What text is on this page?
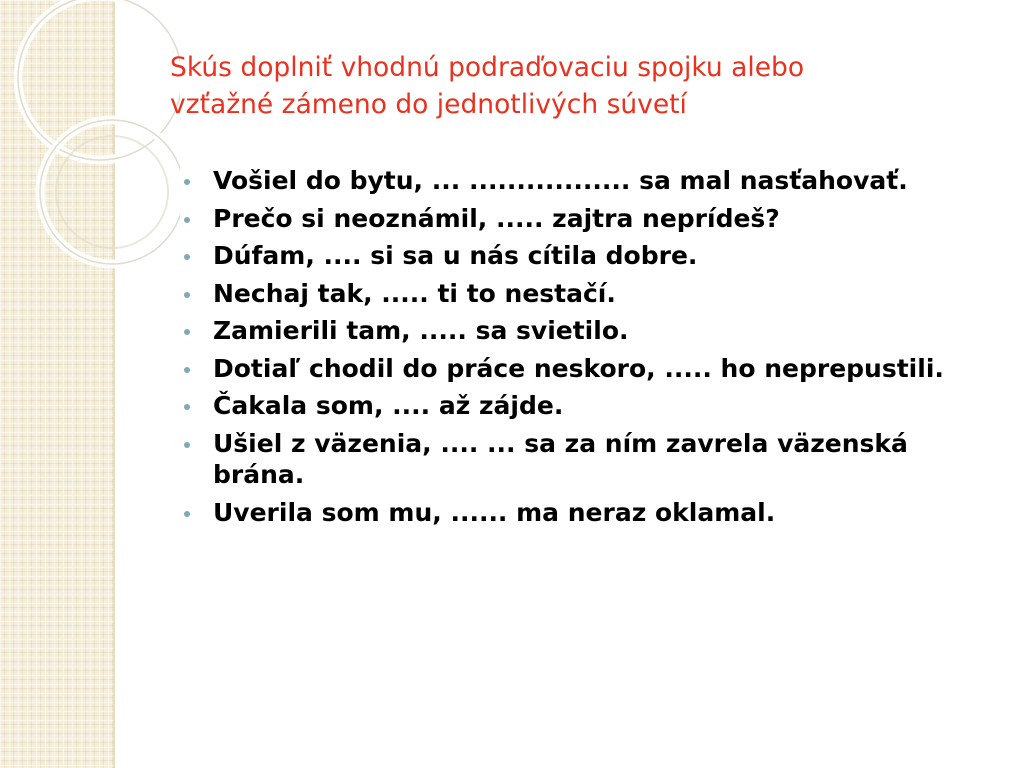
Skús doplniť vhodnú podraďovaciu spojku alebo
vzťažné zámeno do jednotlivých súvetí
Vošiel do bytu, ... ................. sa mal nasťahovať.
Prečo si neoznámil, ..... zajtra neprídeš?
Dúfam, .... si sa u nás cítila dobre.
Nechaj tak, ..... ti to nestačí.
Zamierili tam, ..... sa svietilo.
Dotiaľ chodil do práce neskoro, ..... ho neprepustili.
Čakala som, .... až zájde.
Ušiel z väzenia, .... ... sa za ním zavrela väzenská brána.
Uverila som mu, ...... ma neraz oklamal.
